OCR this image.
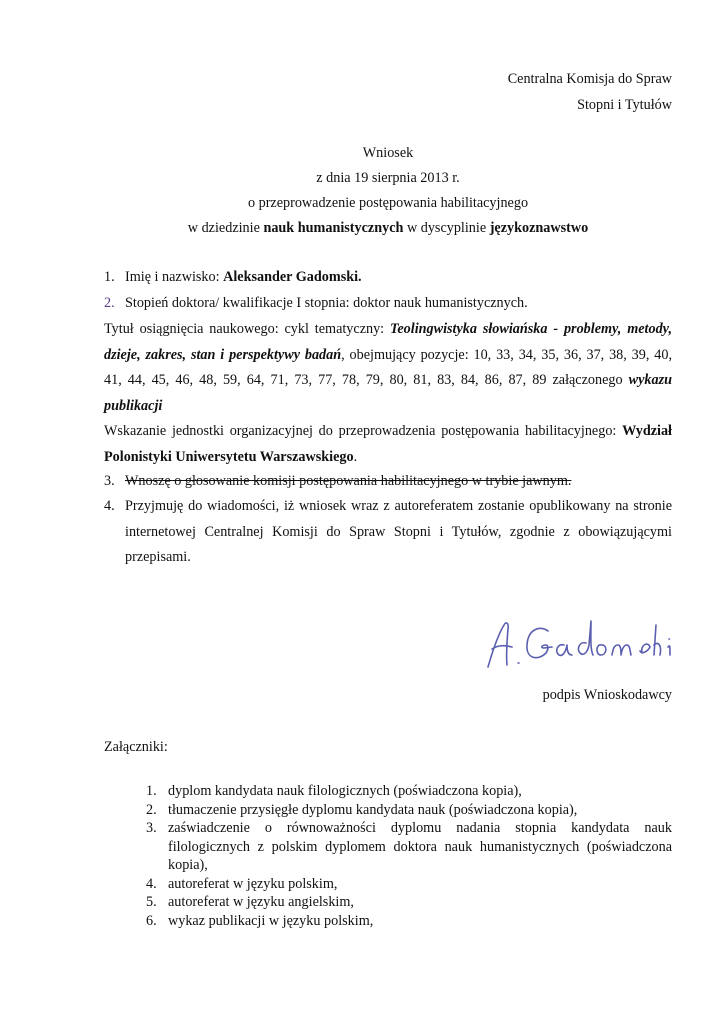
Centralna Komisja do Spraw
Stopni i Tytułów
Wniosek
z dnia 19 sierpnia 2013 r.
o przeprowadzenie postępowania habilitacyjnego
w dziedzinie nauk humanistycznych w dyscyplinie językoznawstwo
1. Imię i nazwisko: Aleksander Gadomski.
2. Stopień doktora/ kwalifikacje I stopnia: doktor nauk humanistycznych.
Tytuł osiągnięcia naukowego: cykl tematyczny: Teolingwistyka słowiańska - problemy, metody, dzieje, zakres, stan i perspektywy badań, obejmujący pozycje: 10, 33, 34, 35, 36, 37, 38, 39, 40, 41, 44, 45, 46, 48, 59, 64, 71, 73, 77, 78, 79, 80, 81, 83, 84, 86, 87, 89 załączonego wykazu publikacji
Wskazanie jednostki organizacyjnej do przeprowadzenia postępowania habilitacyjnego: Wydział Polonistyki Uniwersytetu Warszawskiego.
3. Wnoszę o głosowanie komisji postępowania habilitacyjnego w trybie jawnym.
4. Przyjmuję do wiadomości, iż wniosek wraz z autoreferatem zostanie opublikowany na stronie internetowej Centralnej Komisji do Spraw Stopni i Tytułów, zgodnie z obowiązującymi przepisami.
podpis Wnioskodawcy
Załączniki:
1. dyplom kandydata nauk filologicznych (poświadczona kopia),
2. tłumaczenie przysięgłe dyplomu kandydata nauk (poświadczona kopia),
3. zaświadczenie o równoważności dyplomu nadania stopnia kandydata nauk filologicznych z polskim dyplomem doktora nauk humanistycznych (poświadczona kopia),
4. autoreferat w języku polskim,
5. autoreferat w języku angielskim,
6. wykaz publikacji w języku polskim,
